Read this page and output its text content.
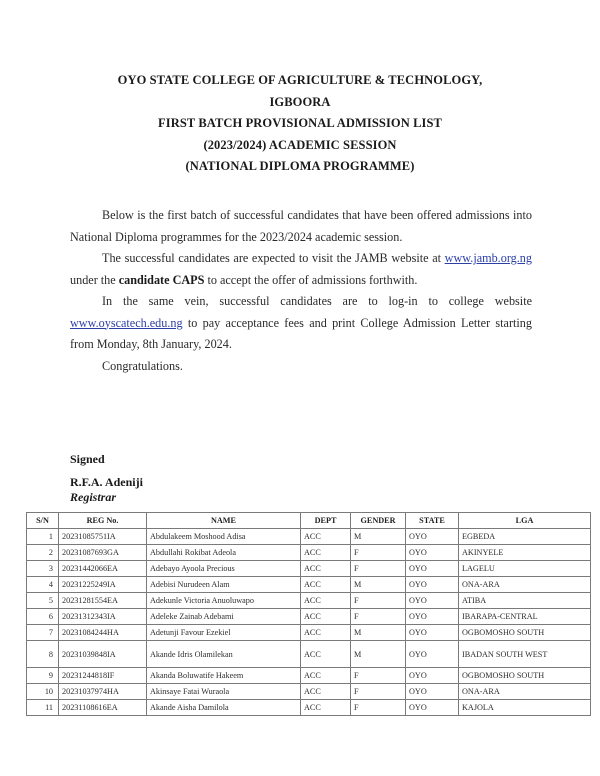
OYO STATE COLLEGE OF AGRICULTURE & TECHNOLOGY,
IGBOORA
FIRST BATCH PROVISIONAL ADMISSION LIST
(2023/2024) ACADEMIC SESSION
(NATIONAL DIPLOMA PROGRAMME)

Below is the first batch of successful candidates that have been offered admissions into National Diploma programmes for the 2023/2024 academic session.

The successful candidates are expected to visit the JAMB website at www.jamb.org.ng under the candidate CAPS to accept the offer of admissions forthwith.

In the same vein, successful candidates are to log-in to college website www.oyscatech.edu.ng to pay acceptance fees and print College Admission Letter starting from Monday, 8th January, 2024.

Congratulations.

Signed
R.F.A. Adeniji
Registrar
S/N	REG No.	NAME	DEPT	GENDER	STATE	LGA
1	20231085751IA	Abdulakeem Moshood Adisa	ACC	M	OYO	EGBEDA
2	20231087693GA	Abdullahi Rokibat Adeola	ACC	F	OYO	AKINYELE
3	20231442066EA	Adebayo Ayoola Precious	ACC	F	OYO	LAGELU
4	20231225249IA	Adebisi Nurudeen Alam	ACC	M	OYO	ONA-ARA
5	20231281554EA	Adekunle Victoria Anuoluwapo	ACC	F	OYO	ATIBA
6	20231312343IA	Adeleke Zainab Adebami	ACC	F	OYO	IBARAPA-CENTRAL
7	20231084244HA	Adetunji Favour Ezekiel	ACC	M	OYO	OGBOMOSHO SOUTH
8	20231039848IA	Akande Idris Olamilekan	ACC	M	OYO	IBADAN SOUTH WEST
9	20231244818IF	Akanda Boluwatife Hakeem	ACC	F	OYO	OGBOMOSHO SOUTH
10	20231037974HA	Akinsaye Fatai Wuraola	ACC	F	OYO	ONA-ARA
11	20231108616EA	Akande Aisha Damilola	ACC	F	OYO	KAJOLA
